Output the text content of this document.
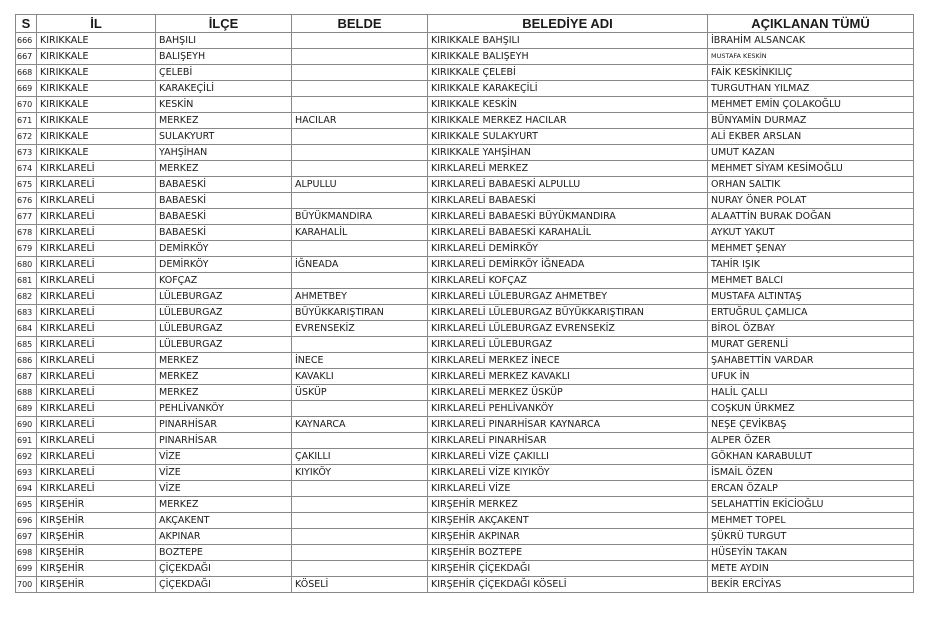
S	İL	İLÇE	BELDE	BELEDİYE ADI	AÇIKLANAN TÜMÜ
666	KIRIKKALE	BAHŞILI		KIRIKKALE BAHŞILI	İBRAHİM ALSANCAK
667	KIRIKKALE	BALIŞEYH		KIRIKKALE BALIŞEYH	MUSTAFA KESKİN
668	KIRIKKALE	ÇELEBİ		KIRIKKALE ÇELEBİ	FAİK KESKİNKILIÇ
669	KIRIKKALE	KARAKEÇİLİ		KIRIKKALE KARAKEÇİLİ	TURGUTHAN YILMAZ
670	KIRIKKALE	KESKİN		KIRIKKALE KESKİN	MEHMET EMİN ÇOLAKOĞLU
671	KIRIKKALE	MERKEZ	HACILAR	KIRIKKALE MERKEZ HACILAR	BÜNYAMİN DURMAZ
672	KIRIKKALE	SULAKYURT		KIRIKKALE SULAKYURT	ALİ EKBER ARSLAN
673	KIRIKKALE	YAHŞİHAN		KIRIKKALE YAHŞİHAN	UMUT KAZAN
674	KIRKLARELİ	MERKEZ		KIRKLARELİ MERKEZ	MEHMET SİYAM KESİMOĞLU
675	KIRKLARELİ	BABAESKİ	ALPULLU	KIRKLARELİ BABAESKİ ALPULLU	ORHAN SALTIK
676	KIRKLARELİ	BABAESKİ		KIRKLARELİ BABAESKİ	NURAY ÖNER POLAT
677	KIRKLARELİ	BABAESKİ	BÜYÜKMANDIRA	KIRKLARELİ BABAESKİ BÜYÜKMANDIRA	ALAATTİN BURAK DOĞAN
678	KIRKLARELİ	BABAESKİ	KARAHALİL	KIRKLARELİ BABAESKİ KARAHALİL	AYKUT YAKUT
679	KIRKLARELİ	DEMİRKÖY		KIRKLARELİ DEMİRKÖY	MEHMET ŞENAY
680	KIRKLARELİ	DEMİRKÖY	İĞNEADA	KIRKLARELİ DEMİRKÖY İĞNEADA	TAHİR IŞIK
681	KIRKLARELİ	KOFÇAZ		KIRKLARELİ KOFÇAZ	MEHMET BALCI
682	KIRKLARELİ	LÜLEBURGAZ	AHMETBEY	KIRKLARELİ LÜLEBURGAZ AHMETBEY	MUSTAFA ALTINTAŞ
683	KIRKLARELİ	LÜLEBURGAZ	BÜYÜKKARIŞTIRAN	KIRKLARELİ LÜLEBURGAZ BÜYÜKKARIŞTIRAN	ERTUĞRUL ÇAMLICA
684	KIRKLARELİ	LÜLEBURGAZ	EVRENSEKİZ	KIRKLARELİ LÜLEBURGAZ EVRENSEKİZ	BİROL ÖZBAY
685	KIRKLARELİ	LÜLEBURGAZ		KIRKLARELİ LÜLEBURGAZ	MURAT GERENLİ
686	KIRKLARELİ	MERKEZ	İNECE	KIRKLARELİ MERKEZ İNECE	ŞAHABETTİN VARDAR
687	KIRKLARELİ	MERKEZ	KAVAKLI	KIRKLARELİ MERKEZ KAVAKLI	UFUK İN
688	KIRKLARELİ	MERKEZ	ÜSKÜP	KIRKLARELİ MERKEZ ÜSKÜP	HALİL ÇALLI
689	KIRKLARELİ	PEHLİVANKÖY		KIRKLARELİ PEHLİVANKÖY	COŞKUN ÜRKMEZ
690	KIRKLARELİ	PINARHİSAR	KAYNARCA	KIRKLARELİ PINARHİSAR KAYNARCA	NEŞE ÇEVİKBAŞ
691	KIRKLARELİ	PINARHİSAR		KIRKLARELİ PINARHİSAR	ALPER ÖZER
692	KIRKLARELİ	VİZE	ÇAKILLI	KIRKLARELİ VİZE ÇAKILLI	GÖKHAN KARABULUT
693	KIRKLARELİ	VİZE	KIYIKÖY	KIRKLARELİ VİZE KIYIKÖY	İSMAİL ÖZEN
694	KIRKLARELİ	VİZE		KIRKLARELİ VİZE	ERCAN ÖZALP
695	KIRŞEHİR	MERKEZ		KIRŞEHİR MERKEZ	SELAHATTİN EKİCİOĞLU
696	KIRŞEHİR	AKÇAKENT		KIRŞEHİR AKÇAKENT	MEHMET TOPEL
697	KIRŞEHİR	AKPINAR		KIRŞEHİR AKPINAR	ŞÜKRÜ TURGUT
698	KIRŞEHİR	BOZTEPE		KIRŞEHİR BOZTEPE	HÜSEYİN TAKAN
699	KIRŞEHİR	ÇİÇEKDAĞI		KIRŞEHİR ÇİÇEKDAĞI	METE AYDIN
700	KIRŞEHİR	ÇİÇEKDAĞI	KÖSELİ	KIRŞEHİR ÇİÇEKDAĞI KÖSELİ	BEKİR ERCİYAS
